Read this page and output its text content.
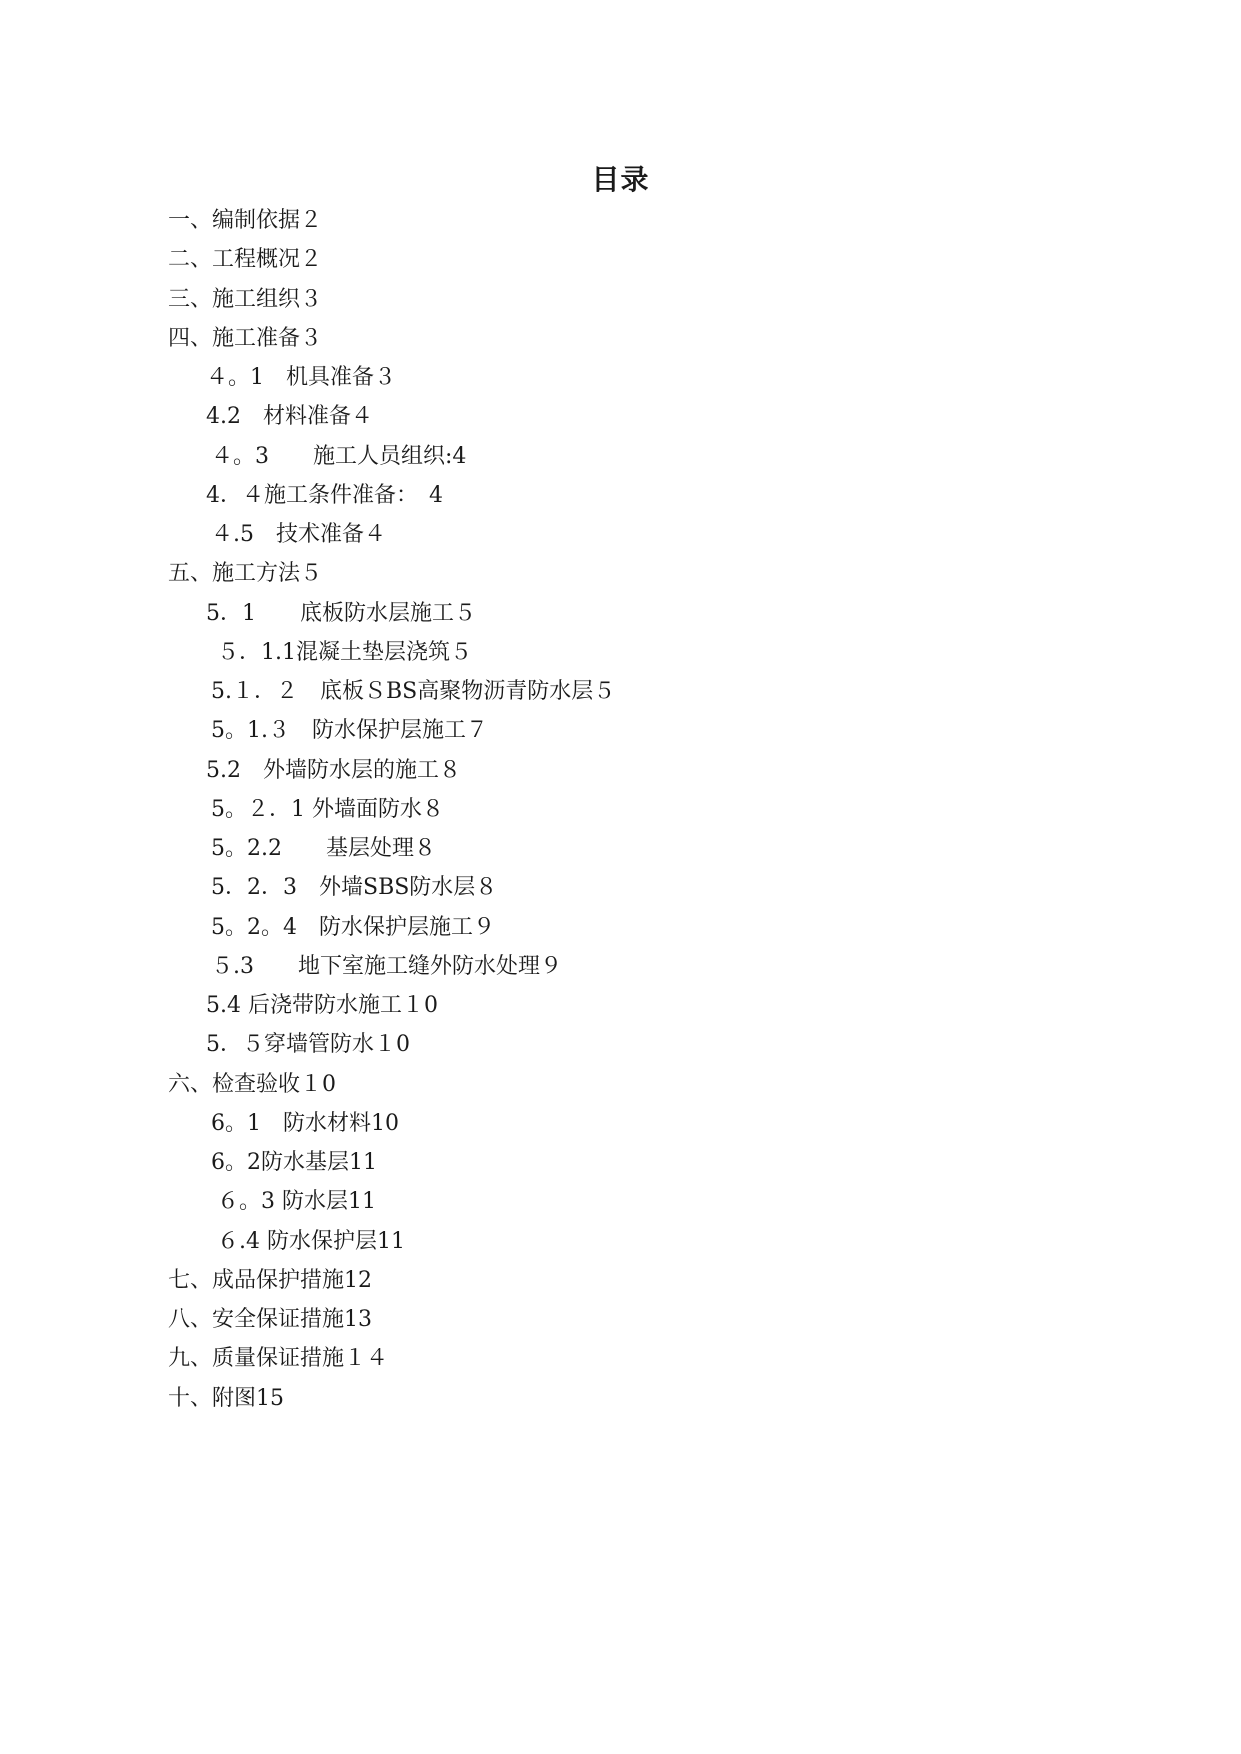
目录
一、编制依据２
二、工程概况２
三、施工组织３
四、施工准备３
４。1　机具准备３
4.2　材料准备４
４。3　　施工人员组织:4
4．４施工条件准备：　4
４.5　技术准备４
五、施工方法５
5．1　　底板防水层施工５
５．1.1混凝土垫层浇筑５
5.１．２　底板ＳBS高聚物沥青防水层５
5。1.３　防水保护层施工７
5.2　外墙防水层的施工８
5。２．1 外墙面防水８
5。2.2　　基层处理８
5．2．3　外墙SBS防水层８
5。2。4　防水保护层施工９
５.3　　地下室施工缝外防水处理９
5.4 后浇带防水施工１0
5．５穿墙管防水１0
六、检查验收１0
6。1　防水材料10
6。2防水基层11
６。3 防水层11
６.4 防水保护层11
七、成品保护措施12
八、安全保证措施13
九、质量保证措施１４
十、附图15
